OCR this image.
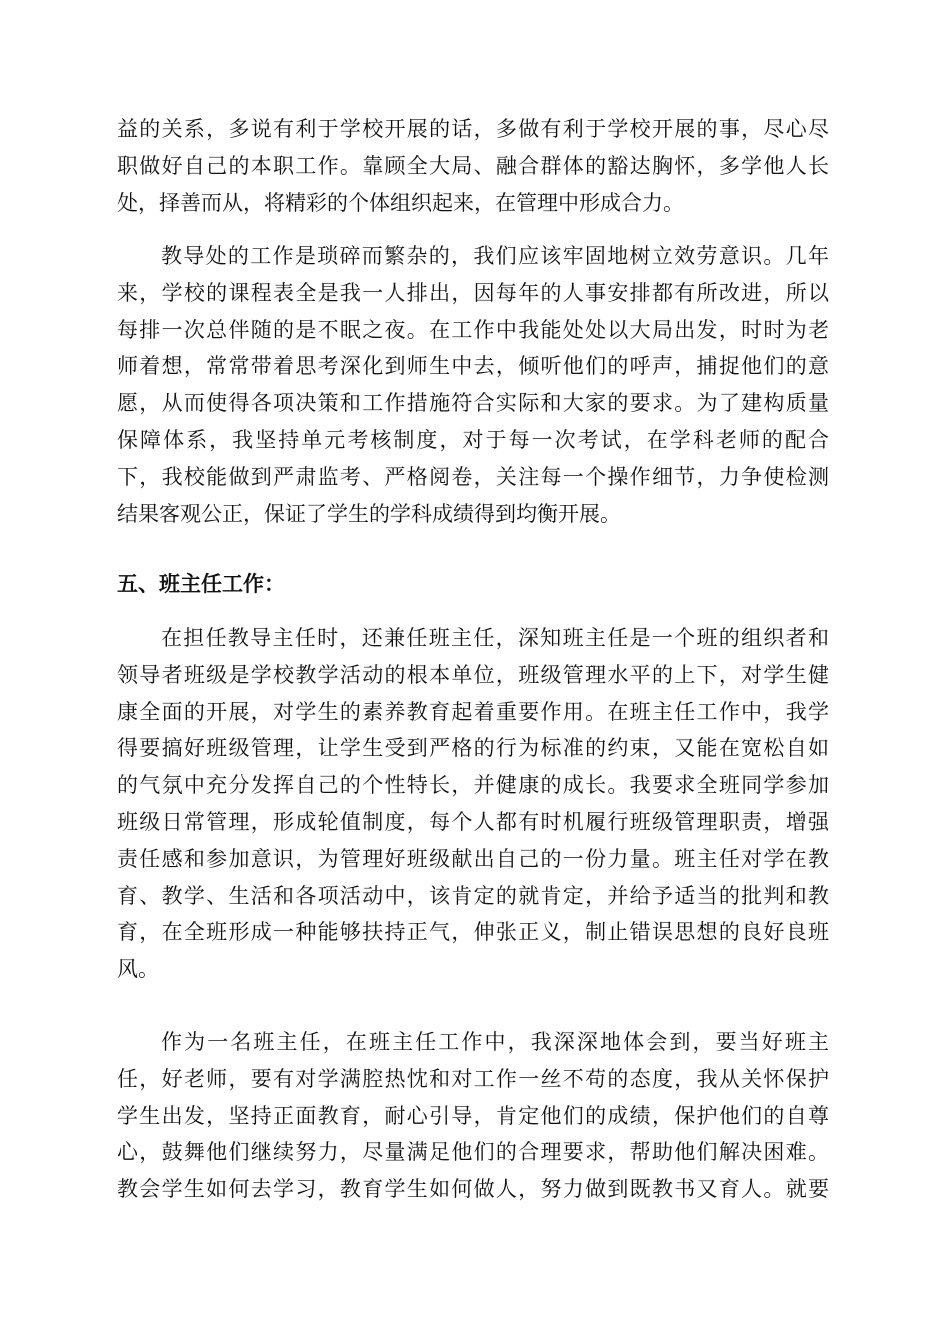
益的关系，多说有利于学校开展的话，多做有利于学校开展的事，尽心尽
职做好自己的本职工作。靠顾全大局、融合群体的豁达胸怀，多学他人长
处，择善而从，将精彩的个体组织起来，在管理中形成合力。
教导处的工作是琐碎而繁杂的，我们应该牢固地树立效劳意识。几年
来，学校的课程表全是我一人排出，因每年的人事安排都有所改进，所以
每排一次总伴随的是不眠之夜。在工作中我能处处以大局出发，时时为老
师着想，常常带着思考深化到师生中去，倾听他们的呼声，捕捉他们的意
愿，从而使得各项决策和工作措施符合实际和大家的要求。为了建构质量
保障体系，我坚持单元考核制度，对于每一次考试，在学科老师的配合
下，我校能做到严肃监考、严格阅卷，关注每一个操作细节，力争使检测
结果客观公正，保证了学生的学科成绩得到均衡开展。
五、班主任工作：
在担任教导主任时，还兼任班主任，深知班主任是一个班的组织者和
领导者班级是学校教学活动的根本单位，班级管理水平的上下，对学生健
康全面的开展，对学生的素养教育起着重要作用。在班主任工作中，我学
得要搞好班级管理，让学生受到严格的行为标准的约束，又能在宽松自如
的气氛中充分发挥自己的个性特长，并健康的成长。我要求全班同学参加
班级日常管理，形成轮值制度，每个人都有时机履行班级管理职责，增强
责任感和参加意识，为管理好班级献出自己的一份力量。班主任对学在教
育、教学、生活和各项活动中，该肯定的就肯定，并给予适当的批判和教
育，在全班形成一种能够扶持正气，伸张正义，制止错误思想的良好良班
风。
作为一名班主任，在班主任工作中，我深深地体会到，要当好班主
任，好老师，要有对学满腔热忱和对工作一丝不苟的态度，我从关怀保护
学生出发，坚持正面教育，耐心引导，肯定他们的成绩，保护他们的自尊
心，鼓舞他们继续努力，尽量满足他们的合理要求，帮助他们解决困难。
教会学生如何去学习，教育学生如何做人，努力做到既教书又育人。就要
